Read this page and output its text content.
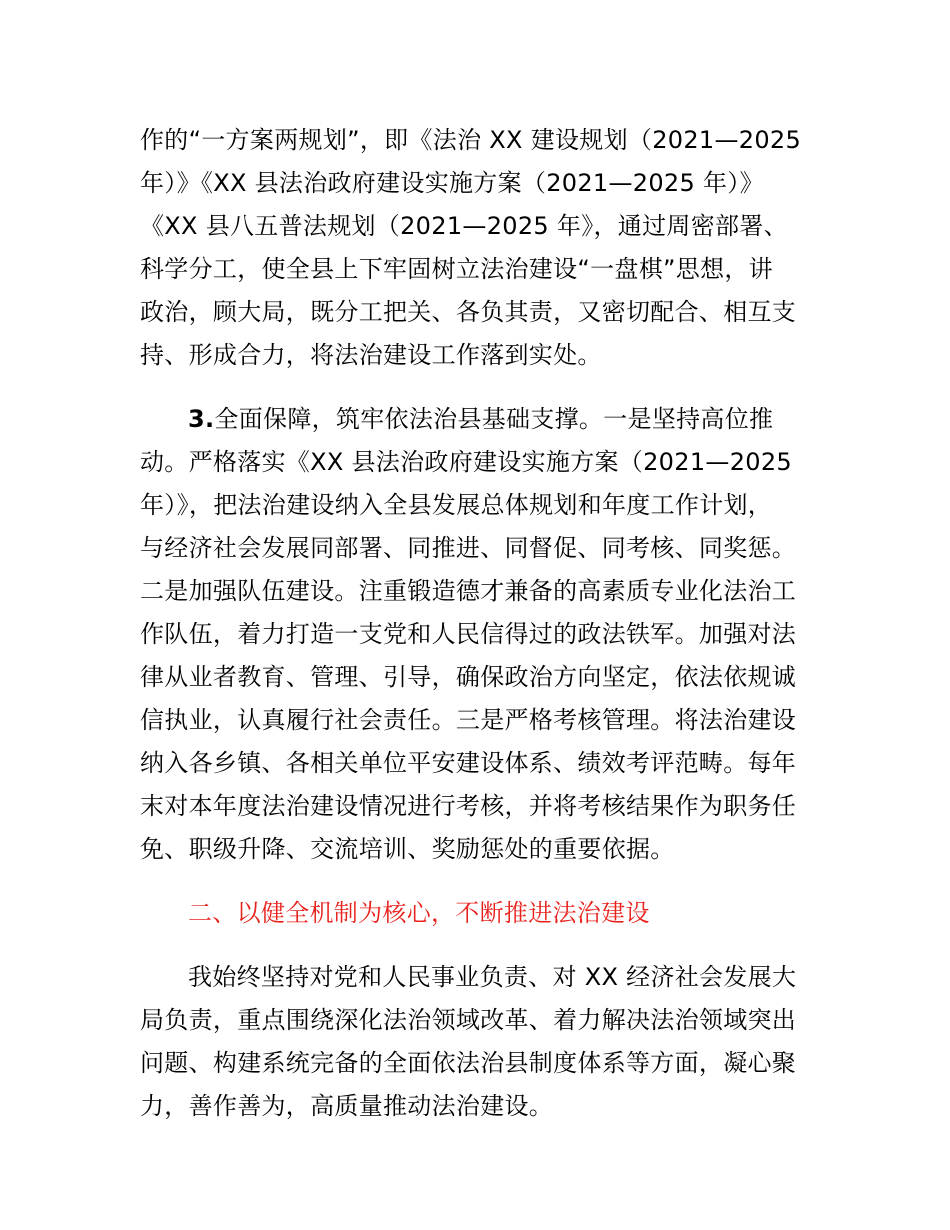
作的“一方案两规划”，即《法治 XX 建设规划（2021—2025
年）》《XX 县法治政府建设实施方案（2021—2025 年）》
《XX 县八五普法规划（2021—2025 年》，通过周密部署、
科学分工，使全县上下牢固树立法治建设“一盘棋”思想，讲
政治，顾大局，既分工把关、各负其责，又密切配合、相互支
持、形成合力，将法治建设工作落到实处。
3.全面保障，筑牢依法治县基础支撑。一是坚持高位推
动。严格落实《XX 县法治政府建设实施方案（2021—2025
年）》，把法治建设纳入全县发展总体规划和年度工作计划，
与经济社会发展同部署、同推进、同督促、同考核、同奖惩。
二是加强队伍建设。注重锻造德才兼备的高素质专业化法治工
作队伍，着力打造一支党和人民信得过的政法铁军。加强对法
律从业者教育、管理、引导，确保政治方向坚定，依法依规诚
信执业，认真履行社会责任。三是严格考核管理。将法治建设
纳入各乡镇、各相关单位平安建设体系、绩效考评范畴。每年
末对本年度法治建设情况进行考核，并将考核结果作为职务任
免、职级升降、交流培训、奖励惩处的重要依据。
二、以健全机制为核心，不断推进法治建设
我始终坚持对党和人民事业负责、对 XX 经济社会发展大
局负责，重点围绕深化法治领域改革、着力解决法治领域突出
问题、构建系统完备的全面依法治县制度体系等方面，凝心聚
力，善作善为，高质量推动法治建设。
